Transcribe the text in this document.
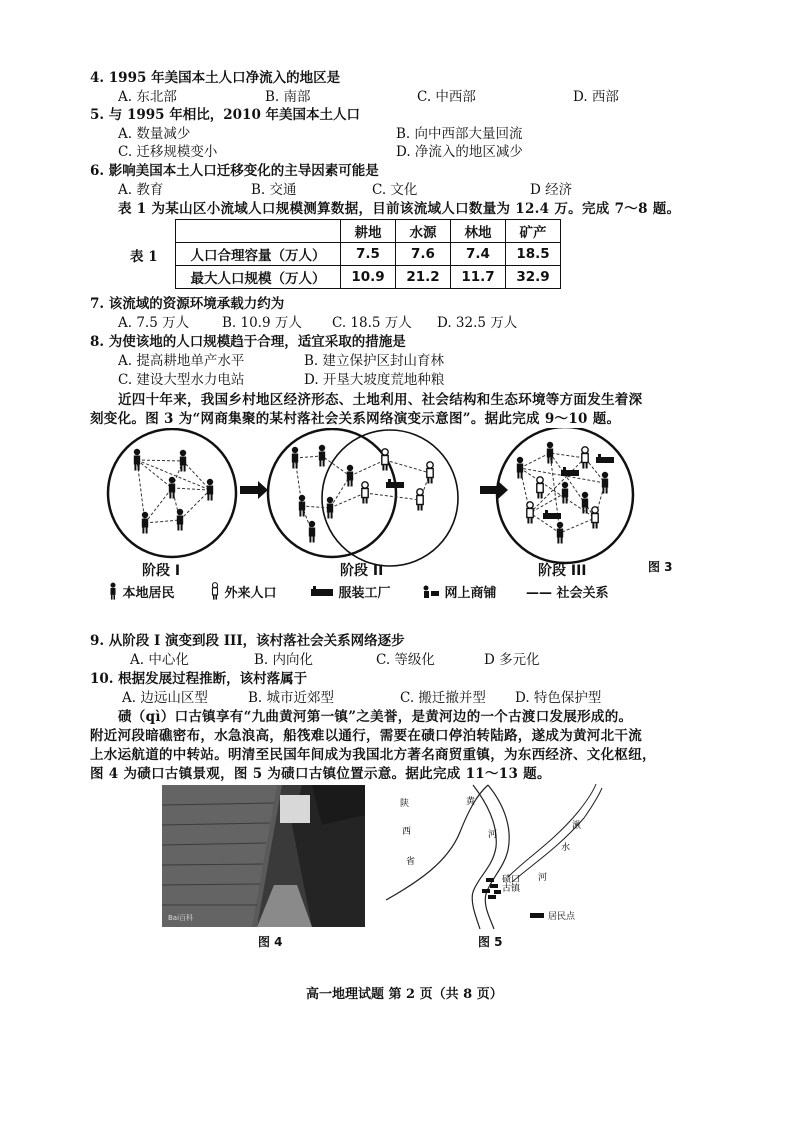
4. 1995 年美国本土人口净流入的地区是
A. 东北部	B. 南部	C. 中西部	D. 西部
5. 与 1995 年相比，2010 年美国本土人口
A. 数量减少	B. 向中西部大量回流
C. 迁移规模变小	D. 净流入的地区减少
6. 影响美国本土人口迁移变化的主导因素可能是
A. 教育	B. 交通	C. 文化	D 经济
表 1 为某山区小流域人口规模测算数据，目前该流域人口数量为 12.4 万。完成 7～8 题。
表 1
	耕地	水源	林地	矿产
人口合理容量（万人）	7.5	7.6	7.4	18.5
最大人口规模（万人）	10.9	21.2	11.7	32.9
7. 该流域的资源环境承载力约为
A. 7.5 万人 B. 10.9 万人 C. 18.5 万人 D. 32.5 万人
8. 为使该地的人口规模趋于合理，适宜采取的措施是
A. 提高耕地单产水平	B. 建立保护区封山育林
C. 建设大型水力电站	D. 开垦大坡度荒地种粮
近四十年来，我国乡村地区经济形态、土地利用、社会结构和生态环境等方面发生着深
刻变化。图 3 为“网商集聚的某村落社会关系网络演变示意图”。据此完成 9～10 题。
阶段 I	阶段 II	阶段 III	图 3
本地居民	外来人口	服装工厂	网上商铺 —— 社会关系
9. 从阶段 I 演变到段 III，该村落社会关系网络逐步
A. 中心化	B. 内向化	C. 等级化	D 多元化
10. 根据发展过程推断，该村落属于
A. 边远山区型	B. 城市近郊型	C. 搬迁撤并型 D. 特色保护型
碛（qì）口古镇享有“九曲黄河第一镇”之美誉，是黄河边的一个古渡口发展形成的。
附近河段暗礁密布，水急浪高，船筏难以通行，需要在碛口停泊转陆路，遂成为黄河北干流
上水运航道的中转站。明清至民国年间成为我国北方著名商贸重镇，为东西经济、文化枢纽，
图 4 为碛口古镇景观，图 5 为碛口古镇位置示意。据此完成 11～13 题。
Bai百科
图 4
陕
西
省
黄
河
湫
水
河
碛口
古镇
居民点
图 5
高一地理试题 第 2 页（共 8 页）
